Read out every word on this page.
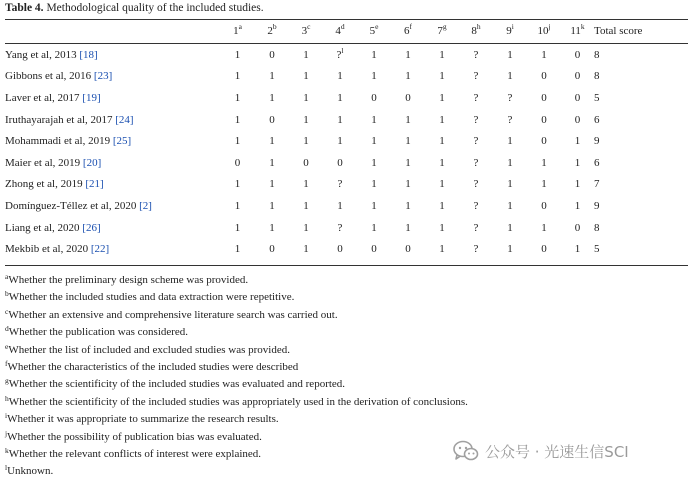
Table 4. Methodological quality of the included studies.
	1$^a$	2$^b$	3$^c$	4$^d$	5e	6$^f$	7$^g$	8$^h$	9$^i$	10$^j$	11$^k$	Total score
Yang et al, 2013 [18]	1	0	1	?$^l$	1	1	1	?	1	1	0	8
Gibbons et al, 2016 [23]	1	1	1	1	1	1	1	?	1	0	0	8
Laver et al, 2017 [19]	1	1	1	1	0	0	1	?	?	0	0	5
Iruthayarajah et al, 2017 [24]	1	0	1	1	1	1	1	?	?	0	0	6
Mohammadi et al, 2019 [25]	1	1	1	1	1	1	1	?	1	0	1	9
Maier et al, 2019 [20]	0	1	0	0	1	1	1	?	1	1	1	6
Zhong et al, 2019 [21]	1	1	1	?	1	1	1	?	1	1	1	7
Domínguez-Téllez et al, 2020 [2]	1	1	1	1	1	1	1	?	1	0	1	9
Liang et al, 2020 [26]	1	1	1	?	1	1	1	?	1	1	0	8
Mekbib et al, 2020 [22]	1	0	1	0	0	0	1	?	1	0	1	5
$^a$Whether the preliminary design scheme was provided.
$^b$Whether the included studies and data extraction were repetitive.
$^c$Whether an extensive and comprehensive literature search was carried out.
$^d$Whether the publication was considered.
$^e$Whether the list of included and excluded studies was provided.
$^f$Whether the characteristics of the included studies were described
$^g$Whether the scientificity of the included studies was evaluated and reported.
$^h$Whether the scientificity of the included studies was appropriately used in the derivation of conclusions.
$^i$Whether it was appropriate to summarize the research results.
$^j$Whether the possibility of publication bias was evaluated.
$^k$Whether the relevant conflicts of interest were explained.
$^l$Unknown.
公众号 · 光速生信SCI
